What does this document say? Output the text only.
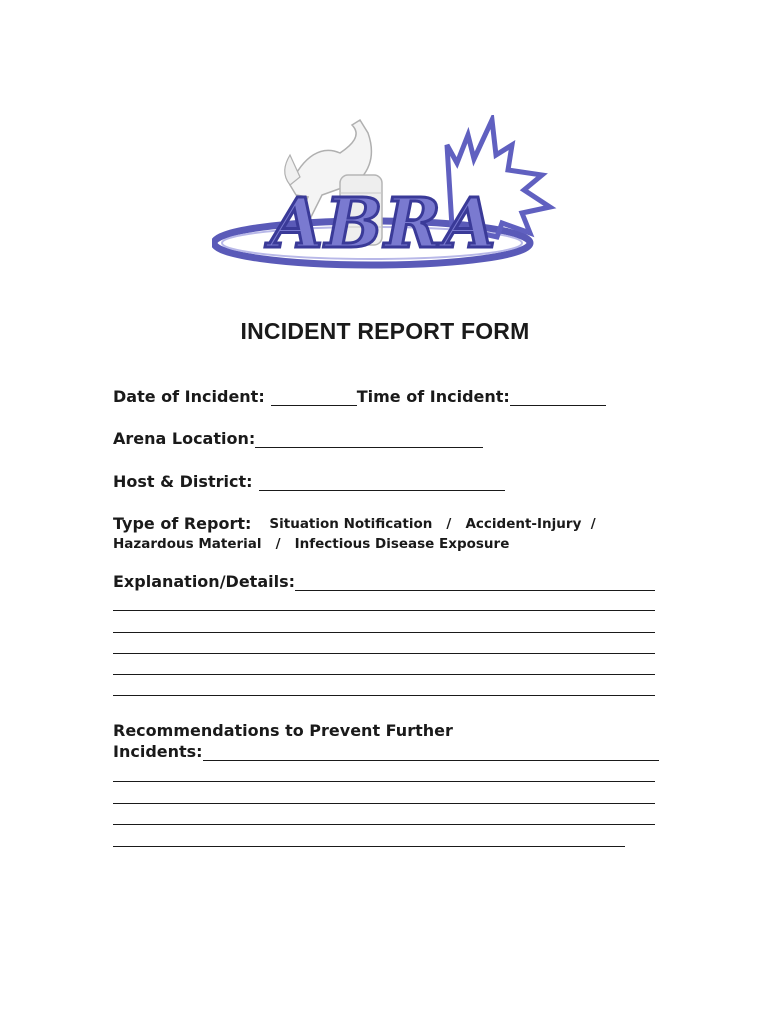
ABRA
INCIDENT REPORT FORM
Date of Incident:	Time of Incident:
Arena Location:
Host & District:
Type of Report: Situation Notification   /   Accident-Injury  /
Hazardous Material   /   Infectious Disease Exposure
Explanation/Details:
Recommendations to Prevent Further
Incidents:
